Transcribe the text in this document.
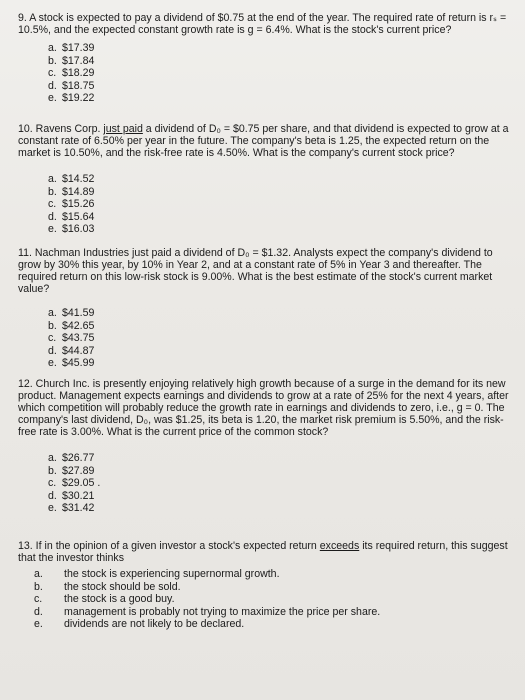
9. A stock is expected to pay a dividend of $0.75 at the end of the year. The required rate of return is rₛ = 10.5%, and the expected constant growth rate is g = 6.4%. What is the stock's current price?

a. $17.39
b. $17.84
c. $18.29
d. $18.75
e. $19.22

10. Ravens Corp. just paid a dividend of D₀ = $0.75 per share, and that dividend is expected to grow at a constant rate of 6.50% per year in the future. The company's beta is 1.25, the expected return on the market is 10.50%, and the risk-free rate is 4.50%. What is the company's current stock price?

a. $14.52
b. $14.89
c. $15.26
d. $15.64
e. $16.03

11. Nachman Industries just paid a dividend of D₀ = $1.32. Analysts expect the company's dividend to grow by 30% this year, by 10% in Year 2, and at a constant rate of 5% in Year 3 and thereafter. The required return on this low-risk stock is 9.00%. What is the best estimate of the stock's current market value?

a. $41.59
b. $42.65
c. $43.75
d. $44.87
e. $45.99

12. Church Inc. is presently enjoying relatively high growth because of a surge in the demand for its new product. Management expects earnings and dividends to grow at a rate of 25% for the next 4 years, after which competition will probably reduce the growth rate in earnings and dividends to zero, i.e., g = 0. The company's last dividend, D₀, was $1.25, its beta is 1.20, the market risk premium is 5.50%, and the risk-free rate is 3.00%. What is the current price of the common stock?

a. $26.77
b. $27.89
c. $29.05 .
d. $30.21
e. $31.42

13. If in the opinion of a given investor a stock's expected return exceeds its required return, this suggest that the investor thinks

a. the stock is experiencing supernormal growth.
b. the stock should be sold.
c. the stock is a good buy.
d. management is probably not trying to maximize the price per share.
e. dividends are not likely to be declared.
